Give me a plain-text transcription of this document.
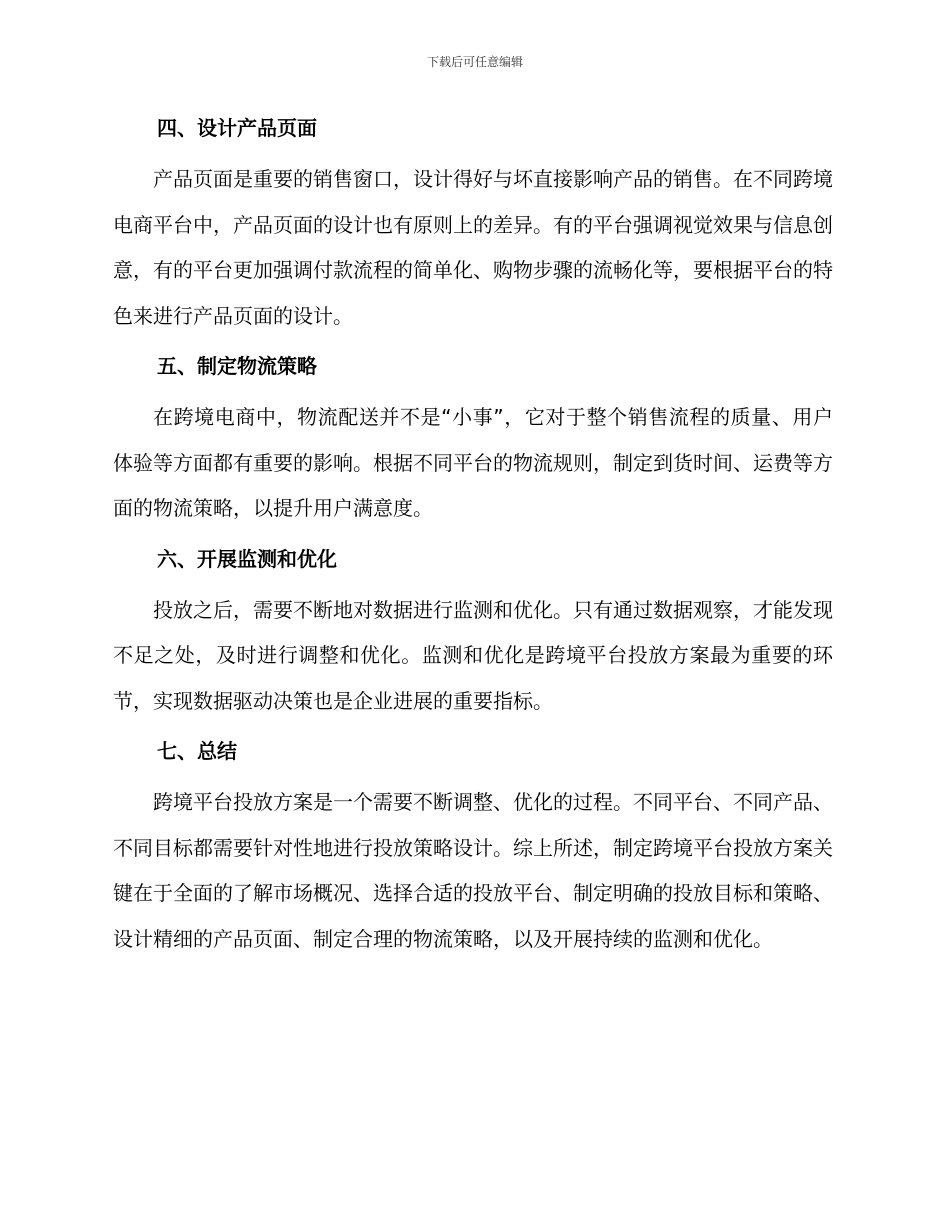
下载后可任意编辑
四、设计产品页面

产品页面是重要的销售窗口，设计得好与坏直接影响产品的销售。在不同跨境电商平台中，产品页面的设计也有原则上的差异。有的平台强调视觉效果与信息创意，有的平台更加强调付款流程的简单化、购物步骤的流畅化等，要根据平台的特色来进行产品页面的设计。

五、制定物流策略

在跨境电商中，物流配送并不是“小事”，它对于整个销售流程的质量、用户体验等方面都有重要的影响。根据不同平台的物流规则，制定到货时间、运费等方面的物流策略，以提升用户满意度。

六、开展监测和优化

投放之后，需要不断地对数据进行监测和优化。只有通过数据观察，才能发现不足之处，及时进行调整和优化。监测和优化是跨境平台投放方案最为重要的环节，实现数据驱动决策也是企业进展的重要指标。

七、总结

跨境平台投放方案是一个需要不断调整、优化的过程。不同平台、不同产品、不同目标都需要针对性地进行投放策略设计。综上所述，制定跨境平台投放方案关键在于全面的了解市场概况、选择合适的投放平台、制定明确的投放目标和策略、设计精细的产品页面、制定合理的物流策略，以及开展持续的监测和优化。
